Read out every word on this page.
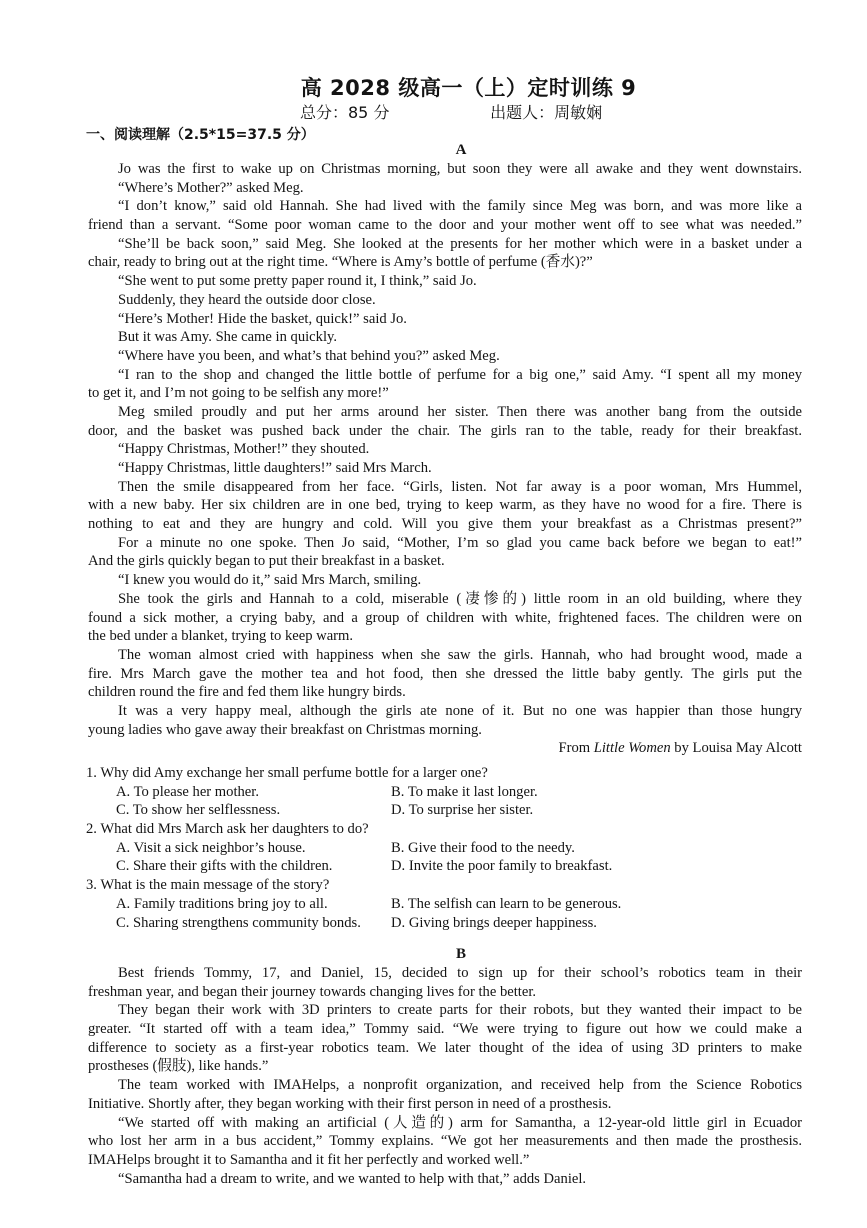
高 2028 级高一（上）定时训练 9
总分：85 分	出题人：周敏娴
一、阅读理解（2.5*15=37.5 分）
A
Jo was the first to wake up on Christmas morning, but soon they were all awake and they went downstairs.
“Where’s Mother?” asked Meg.
“I don’t know,” said old Hannah. She had lived with the family since Meg was born, and was more like a
friend than a servant. “Some poor woman came to the door and your mother went off to see what was needed.”
“She’ll be back soon,” said Meg. She looked at the presents for her mother which were in a basket under a
chair, ready to bring out at the right time. “Where is Amy’s bottle of perfume (香水)?”
“She went to put some pretty paper round it, I think,” said Jo.
Suddenly, they heard the outside door close.
“Here’s Mother! Hide the basket, quick!” said Jo.
But it was Amy. She came in quickly.
“Where have you been, and what’s that behind you?” asked Meg.
“I ran to the shop and changed the little bottle of perfume for a big one,” said Amy. “I spent all my money
to get it, and I’m not going to be selfish any more!”
Meg smiled proudly and put her arms around her sister. Then there was another bang from the outside
door, and the basket was pushed back under the chair. The girls ran to the table, ready for their breakfast.
“Happy Christmas, Mother!” they shouted.
“Happy Christmas, little daughters!” said Mrs March.
Then the smile disappeared from her face. “Girls, listen. Not far away is a poor woman, Mrs Hummel,
with a new baby. Her six children are in one bed, trying to keep warm, as they have no wood for a fire. There is
nothing to eat and they are hungry and cold. Will you give them your breakfast as a Christmas present?”
For a minute no one spoke. Then Jo said, “Mother, I’m so glad you came back before we began to eat!”
And the girls quickly began to put their breakfast in a basket.
“I knew you would do it,” said Mrs March, smiling.
She took the girls and Hannah to a cold, miserable (凄惨的) little room in an old building, where they
found a sick mother, a crying baby, and a group of children with white, frightened faces. The children were on
the bed under a blanket, trying to keep warm.
The woman almost cried with happiness when she saw the girls. Hannah, who had brought wood, made a
fire. Mrs March gave the mother tea and hot food, then she dressed the little baby gently. The girls put the
children round the fire and fed them like hungry birds.
It was a very happy meal, although the girls ate none of it. But no one was happier than those hungry
young ladies who gave away their breakfast on Christmas morning.
From Little Women by Louisa May Alcott
1. Why did Amy exchange her small perfume bottle for a larger one?
A. To please her mother.	B. To make it last longer.
C. To show her selflessness.	D. To surprise her sister.
2. What did Mrs March ask her daughters to do?
A. Visit a sick neighbor’s house.	B. Give their food to the needy.
C. Share their gifts with the children.	D. Invite the poor family to breakfast.
3. What is the main message of the story?
A. Family traditions bring joy to all.	B. The selfish can learn to be generous.
C. Sharing strengthens community bonds.	D. Giving brings deeper happiness.
B
Best friends Tommy, 17, and Daniel, 15, decided to sign up for their school’s robotics team in their
freshman year, and began their journey towards changing lives for the better.
They began their work with 3D printers to create parts for their robots, but they wanted their impact to be
greater. “It started off with a team idea,” Tommy said. “We were trying to figure out how we could make a
difference to society as a first-year robotics team. We later thought of the idea of using 3D printers to make
prostheses (假肢), like hands.”
The team worked with IMAHelps, a nonprofit organization, and received help from the Science Robotics
Initiative. Shortly after, they began working with their first person in need of a prosthesis.
“We started off with making an artificial (人造的) arm for Samantha, a 12-year-old little girl in Ecuador
who lost her arm in a bus accident,” Tommy explains. “We got her measurements and then made the prosthesis.
IMAHelps brought it to Samantha and it fit her perfectly and worked well.”
“Samantha had a dream to write, and we wanted to help with that,” adds Daniel.
